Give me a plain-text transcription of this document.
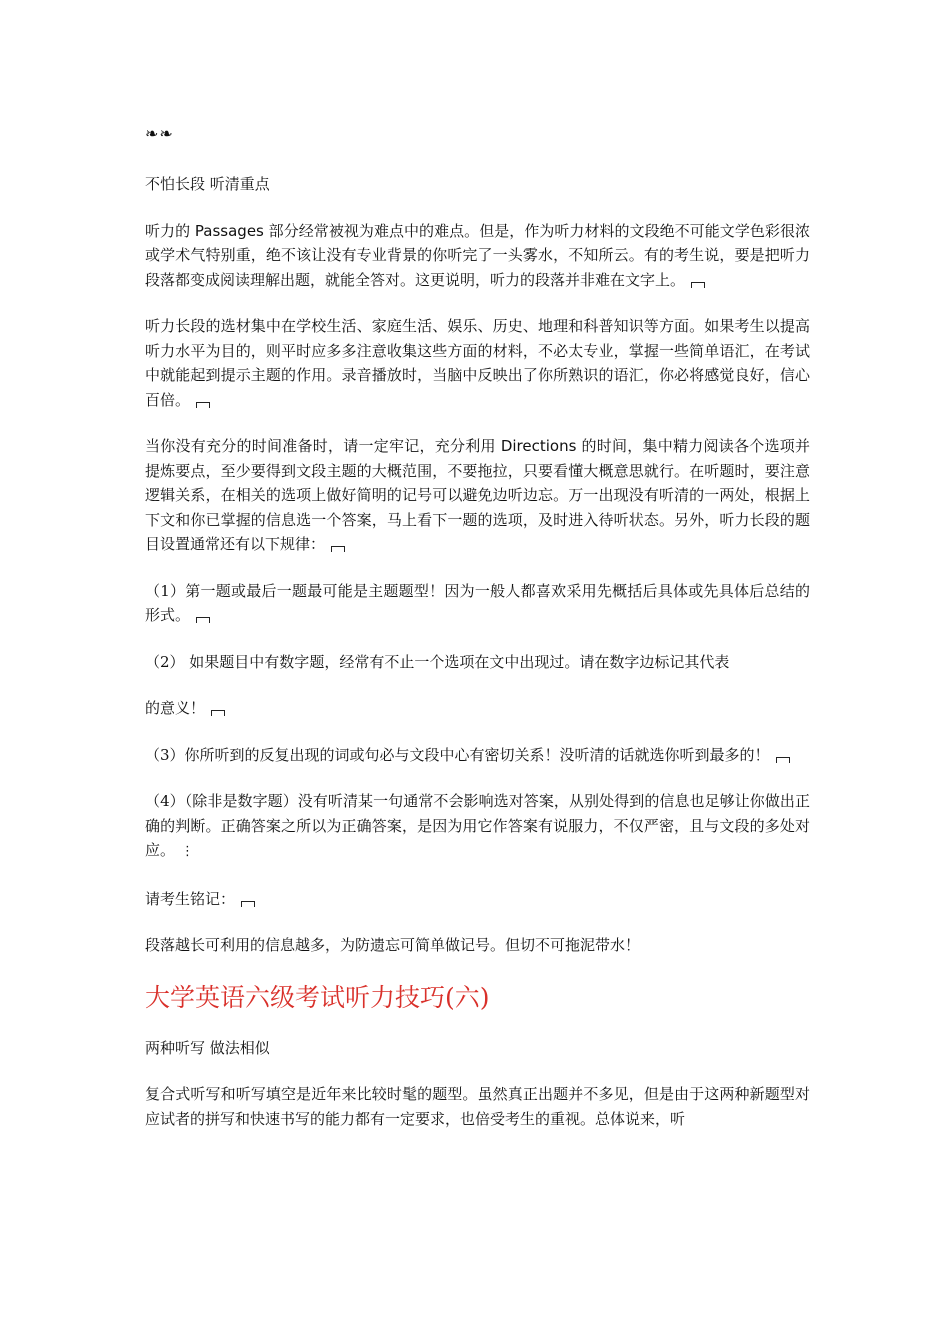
❧❧

不怕长段 听清重点

听力的 Passages 部分经常被视为难点中的难点。但是，作为听力材料的文段绝不可能文学色彩很浓或学术气特别重，绝不该让没有专业背景的你听完了一头雾水，不知所云。有的考生说，要是把听力段落都变成阅读理解出题，就能全答对。这更说明，听力的段落并非难在文字上。

听力长段的选材集中在学校生活、家庭生活、娱乐、历史、地理和科普知识等方面。如果考生以提高听力水平为目的，则平时应多多注意收集这些方面的材料，不必太专业，掌握一些简单语汇，在考试中就能起到提示主题的作用。录音播放时，当脑中反映出了你所熟识的语汇，你必将感觉良好，信心百倍。

当你没有充分的时间准备时，请一定牢记，充分利用 Directions 的时间，集中精力阅读各个选项并提炼要点，至少要得到文段主题的大概范围，不要拖拉，只要看懂大概意思就行。在听题时，要注意逻辑关系，在相关的选项上做好简明的记号可以避免边听边忘。万一出现没有听清的一两处，根据上下文和你已掌握的信息选一个答案，马上看下一题的选项，及时进入待听状态。另外，听力长段的题目设置通常还有以下规律：

（1）第一题或最后一题最可能是主题题型！因为一般人都喜欢采用先概括后具体或先具体后总结的形式。

（2） 如果题目中有数字题，经常有不止一个选项在文中出现过。请在数字边标记其代表

的意义！

（3）你所听到的反复出现的词或句必与文段中心有密切关系！没听清的话就选你听到最多的！

（4）（除非是数字题）没有听清某一句通常不会影响选对答案，从别处得到的信息也足够让你做出正确的判断。正确答案之所以为正确答案，是因为用它作答案有说服力，不仅严密，且与文段的多处对应。 ⋮

请考生铭记：

段落越长可利用的信息越多，为防遗忘可简单做记号。但切不可拖泥带水！

大学英语六级考试听力技巧(六)

两种听写 做法相似

复合式听写和听写填空是近年来比较时髦的题型。虽然真正出题并不多见，但是由于这两种新题型对应试者的拼写和快速书写的能力都有一定要求，也倍受考生的重视。总体说来，听
